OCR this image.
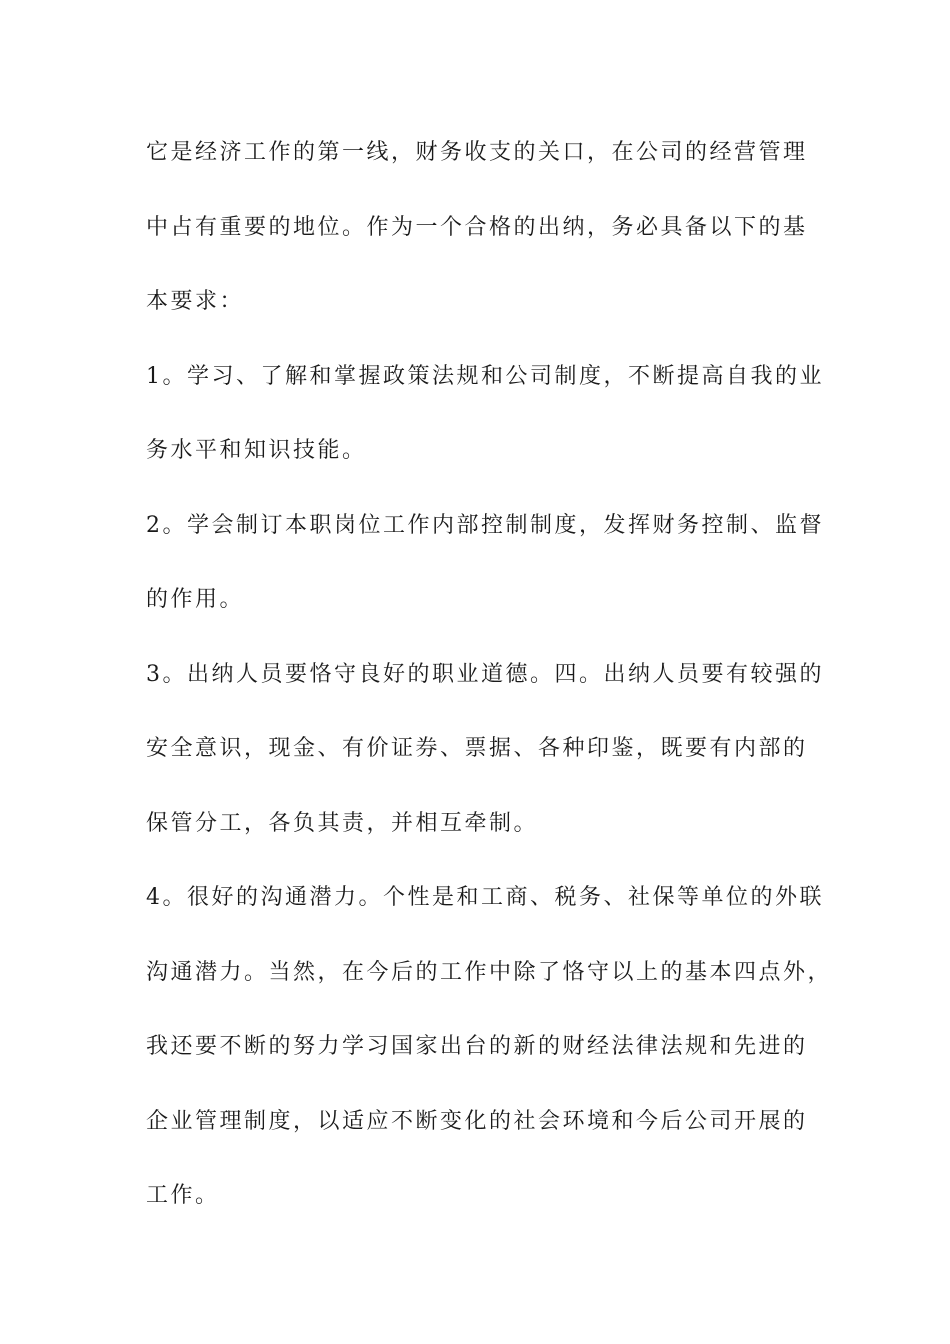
它是经济工作的第一线，财务收支的关口，在公司的经营管理
中占有重要的地位。作为一个合格的出纳，务必具备以下的基
本要求：
1。学习、了解和掌握政策法规和公司制度，不断提高自我的业
务水平和知识技能。
2。学会制订本职岗位工作内部控制制度，发挥财务控制、监督
的作用。
3。出纳人员要恪守良好的职业道德。四。出纳人员要有较强的
安全意识，现金、有价证券、票据、各种印鉴，既要有内部的
保管分工，各负其责，并相互牵制。
4。很好的沟通潜力。个性是和工商、税务、社保等单位的外联
沟通潜力。当然，在今后的工作中除了恪守以上的基本四点外，
我还要不断的努力学习国家出台的新的财经法律法规和先进的
企业管理制度，以适应不断变化的社会环境和今后公司开展的
工作。
